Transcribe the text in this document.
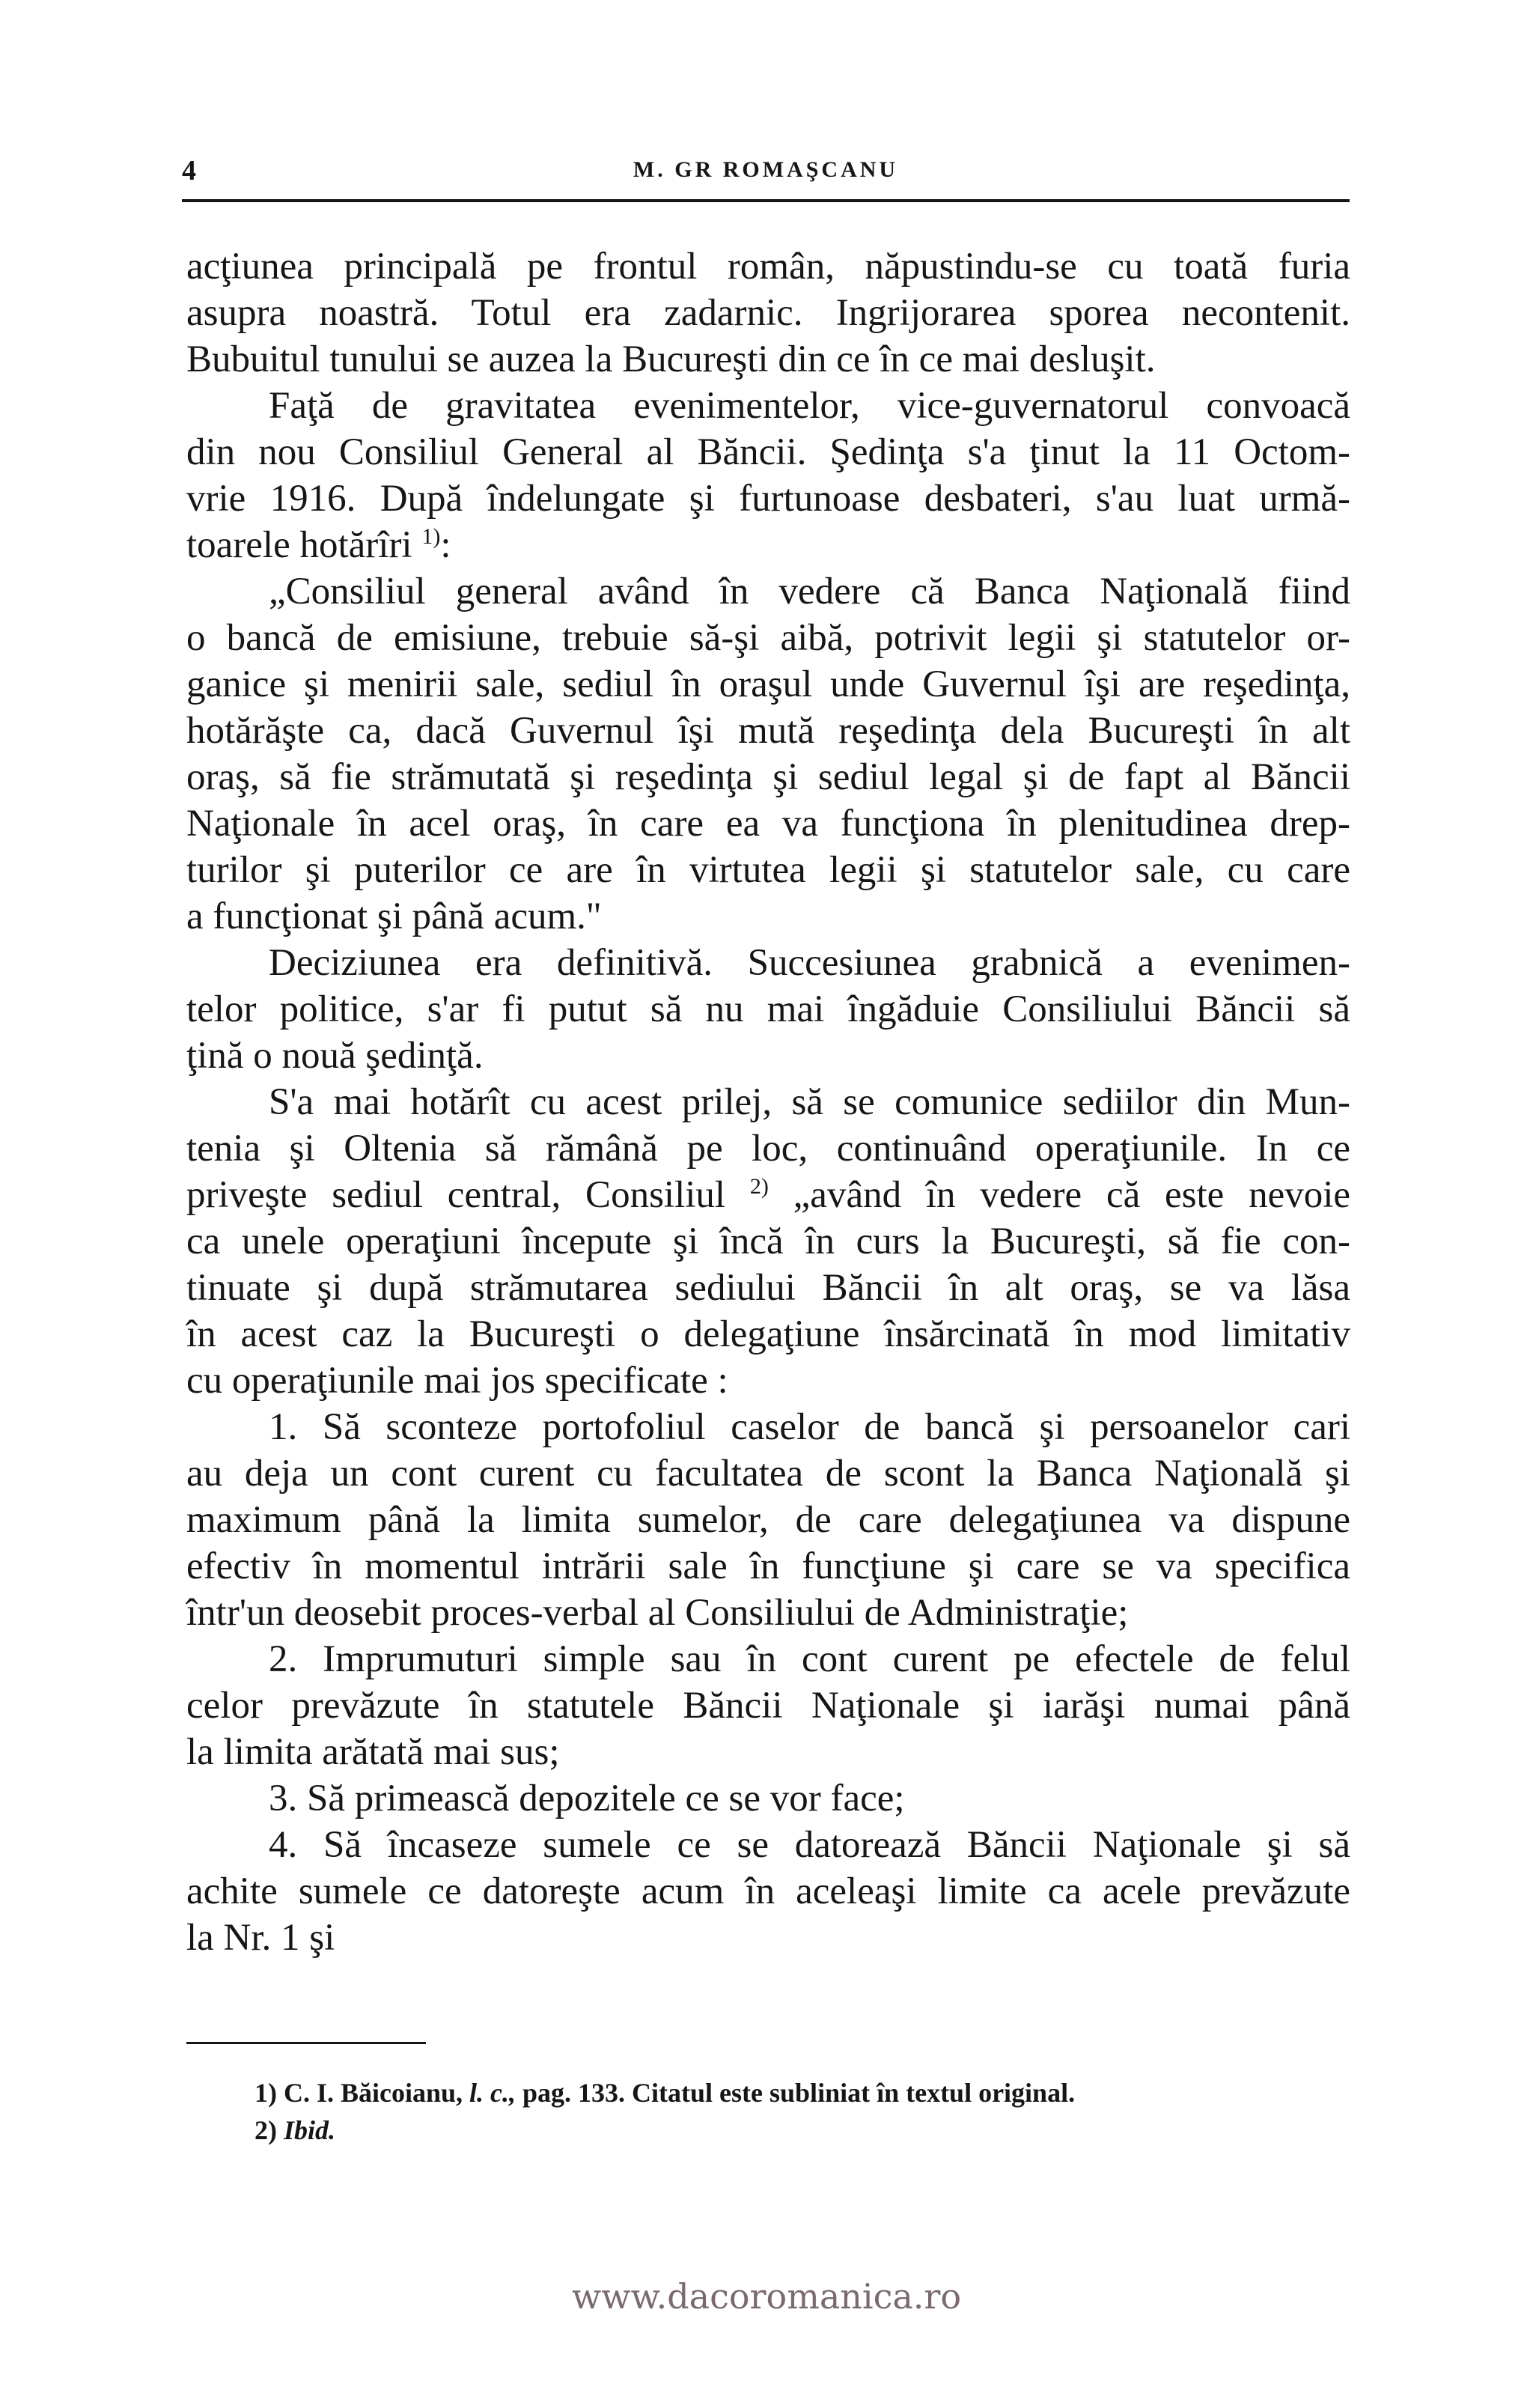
4	M. GR ROMAŞCANU
acţiunea principală pe frontul român, năpustindu-se cu toată furia
asupra noastră. Totul era zadarnic. Ingrijorarea sporea necontenit.
Bubuitul tunului se auzea la Bucureşti din ce în ce mai desluşit.
Faţă de gravitatea evenimentelor, vice-guvernatorul convoacă
din nou Consiliul General al Băncii. Şedinţa s'a ţinut la 11 Octom-
vrie 1916. După îndelungate şi furtunoase desbateri, s'au luat urmă-
toarele hotărîri $^{1)}$:
„Consiliul general având în vedere că Banca Naţională fiind
o bancă de emisiune, trebuie să-şi aibă, potrivit legii şi statutelor or-
ganice şi menirii sale, sediul în oraşul unde Guvernul îşi are reşedinţa,
hotărăşte ca, dacă Guvernul îşi mută reşedinţa dela Bucureşti în alt
oraş, să fie strămutată şi reşedinţa şi sediul legal şi de fapt al Băncii
Naţionale în acel oraş, în care ea va funcţiona în plenitudinea drep-
turilor şi puterilor ce are în virtutea legii şi statutelor sale, cu care
a funcţionat şi până acum."
Deciziunea era definitivă. Succesiunea grabnică a evenimen-
telor politice, s'ar fi putut să nu mai îngăduie Consiliului Băncii să
ţină o nouă şedinţă.
S'a mai hotărît cu acest prilej, să se comunice sediilor din Mun-
tenia şi Oltenia să rămână pe loc, continuând operaţiunile. In ce
priveşte sediul central, Consiliul $^{2)}$ „având în vedere că este nevoie
ca unele operaţiuni începute şi încă în curs la Bucureşti, să fie con-
tinuate şi după strămutarea sediului Băncii în alt oraş, se va lăsa
în acest caz la Bucureşti o delegaţiune însărcinată în mod limitativ
cu operaţiunile mai jos specificate :
1. Să sconteze portofoliul caselor de bancă şi persoanelor cari
au deja un cont curent cu facultatea de scont la Banca Naţională şi
maximum până la limita sumelor, de care delegaţiunea va dispune
efectiv în momentul intrării sale în funcţiune şi care se va specifica
într'un deosebit proces-verbal al Consiliului de Administraţie;
2. Imprumuturi simple sau în cont curent pe efectele de felul
celor prevăzute în statutele Băncii Naţionale şi iarăşi numai până
la limita arătată mai sus;
3. Să primească depozitele ce se vor face;
4. Să încaseze sumele ce se datorează Băncii Naţionale şi să
achite sumele ce datoreşte acum în aceleaşi limite ca acele prevăzute
la Nr. 1 şi
1) C. I. Băicoianu, l. c., pag. 133. Citatul este subliniat în textul original.
2) Ibid.
www.dacoromanica.ro
